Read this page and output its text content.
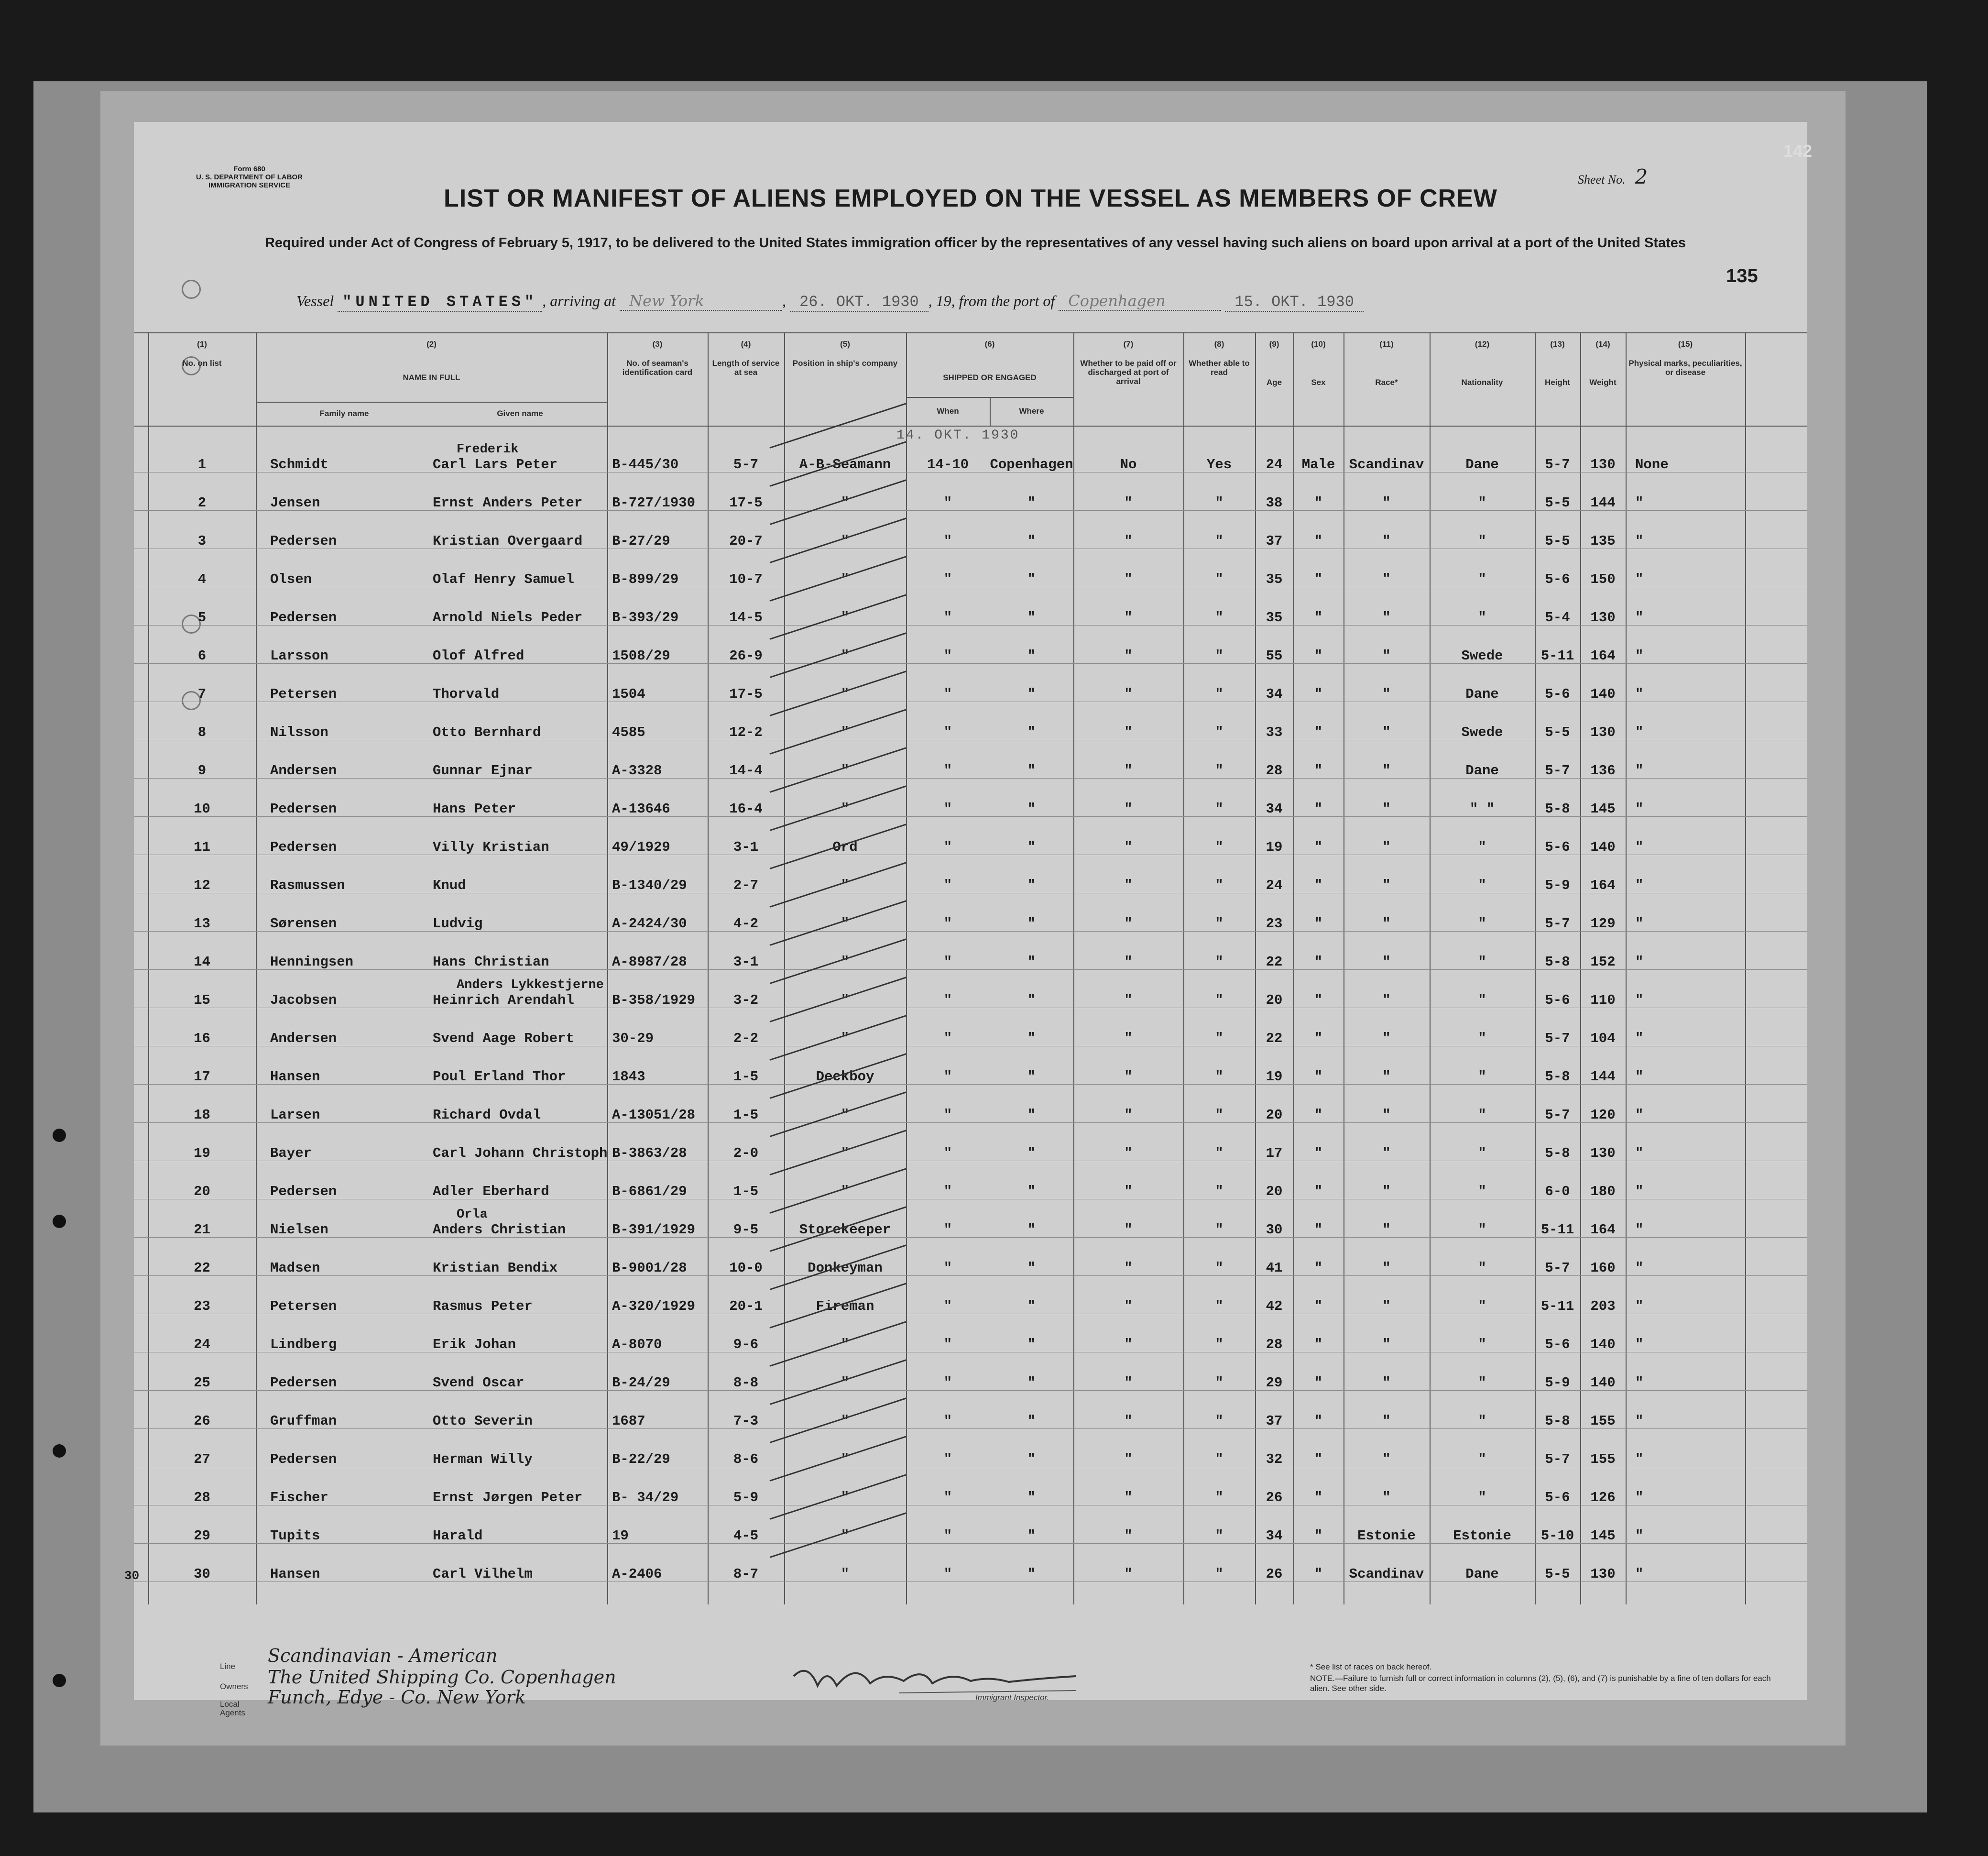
Form 680
U. S. DEPARTMENT OF LABOR
IMMIGRATION SERVICE	Sheet No. 2
142
135
LIST OR MANIFEST OF ALIENS EMPLOYED ON THE VESSEL AS MEMBERS OF CREW
Required under Act of Congress of February 5, 1917, to be delivered to the United States immigration officer by the representatives of any vessel having such aliens on board upon arrival at a port of the United States
Vessel "UNITED STATES" , arriving at New York	, 26. OKT. 1930 , 19, from the port of Copenhagen	15. OKT. 1930
(1)
No. on list
(2)
NAME IN FULL
(3)
No. of seaman's identification card
(4)
Length of service at sea
(5)
Position in ship's company
(6)
SHIPPED OR ENGAGED
(7)
Whether to be paid off or discharged at port of arrival
(8)
Whether able to read
(9)
Age
(10)
Sex
(11)
Race*
(12)
Nationality
(13)
Height
(14)
Weight
(15)
Physical marks, peculiarities, or disease
Family name	Given name	When	Where
14. OKT. 1930
Frederik
1	Schmidt	Carl Lars Peter	B-445/30	5-7	A-B-Seamann	14-10	Copenhagen	No	Yes	24	Male	Scandinav	Dane	5-7	130	None
2	Jensen	Ernst Anders Peter B-727/1930	17-5	"	"	"	"	"	38	"	"	"	5-5	144	"
3	Pedersen	Kristian Overgaard B-27/29	20-7	"	"	"	"	"	37	"	"	"	5-5	135	"
4	Olsen	Olaf Henry Samuel	B-899/29	10-7	"	"	"	"	"	35	"	"	"	5-6	150	"
5	Pedersen	Arnold Niels Peder B-393/29	14-5	"	"	"	"	"	35	"	"	"	5-4	130	"
6	Larsson	Olof Alfred	1508/29	26-9	"	"	"	"	"	55	"	"	Swede	5-11	164	"
7	Petersen	Thorvald	1504	17-5	"	"	"	"	"	34	"	"	Dane	5-6	140	"
8	Nilsson	Otto Bernhard	4585	12-2	"	"	"	"	"	33	"	"	Swede	5-5	130	"
9	Andersen	Gunnar Ejnar	A-3328	14-4	"	"	"	"	"	28	"	"	Dane	5-7	136	"
10	Pedersen	Hans Peter	A-13646	16-4	"	"	"	"	"	34	"	"	" "	5-8	145	"
11	Pedersen	Villy Kristian	49/1929	3-1	Ord	"	"	"	"	19	"	"	"	5-6	140	"
12	Rasmussen	Knud	B-1340/29	2-7	"	"	"	"	"	24	"	"	"	5-9	164	"
13	Sørensen	Ludvig	A-2424/30	4-2	"	"	"	"	"	23	"	"	"	5-7	129	"
14	Henningsen	Hans Christian	A-8987/28	3-1	"	"	"	"	"	22	"	"	"	5-8	152	"
Anders Lykkestjerne
15	Jacobsen	Heinrich Arendahl	B-358/1929	3-2	"	"	"	"	"	20	"	"	"	5-6	110	"
16	Andersen	Svend Aage Robert	30-29	2-2	"	"	"	"	"	22	"	"	"	5-7	104	"
17	Hansen	Poul Erland Thor	1843	1-5	Deckboy	"	"	"	"	19	"	"	"	5-8	144	"
18	Larsen	Richard Ovdal	A-13051/28	1-5	"	"	"	"	"	20	"	"	"	5-7	120	"
19	Bayer	Carl Johann Christoph B-3863/28	2-0	"	"	"	"	"	17	"	"	"	5-8	130	"
20	Pedersen	Adler Eberhard	B-6861/29	1-5	"	"	"	"	"	20	"	"	"	6-0	180	"
Orla
21	Nielsen	Anders Christian	B-391/1929	9-5	Storekeeper	"	"	"	"	30	"	"	"	5-11	164	"
22	Madsen	Kristian Bendix	B-9001/28	10-0	Donkeyman	"	"	"	"	41	"	"	"	5-7	160	"
23	Petersen	Rasmus Peter	A-320/1929	20-1	Fireman	"	"	"	"	42	"	"	"	5-11	203	"
24	Lindberg	Erik Johan	A-8070	9-6	"	"	"	"	"	28	"	"	"	5-6	140	"
25	Pedersen	Svend Oscar	B-24/29	8-8	"	"	"	"	"	29	"	"	"	5-9	140	"
26	Gruffman	Otto Severin	1687	7-3	"	"	"	"	"	37	"	"	"	5-8	155	"
27	Pedersen	Herman Willy	B-22/29	8-6	"	"	"	"	"	32	"	"	"	5-7	155	"
28	Fischer	Ernst Jørgen Peter B- 34/29	5-9	"	"	"	"	"	26	"	"	"	5-6	126	"
29	Tupits	Harald	19	4-5	"	"	"	"	"	34	"	Estonie	Estonie	5-10	145	"
30	Hansen	Carl Vilhelm	A-2406	8-7	"	"	"	"	"	26	"	Scandinav	Dane	5-5	130	"
30
Line
Scandinavian - American
Owners The United Shipping Co. Copenhagen
Local Agents
Funch, Edye - Co. New York	Immigrant Inspector.
* See list of races on back hereof.
NOTE.—Failure to furnish full or correct information in columns (2), (5), (6), and (7) is punishable by a fine of ten dollars for each alien. See other side.
